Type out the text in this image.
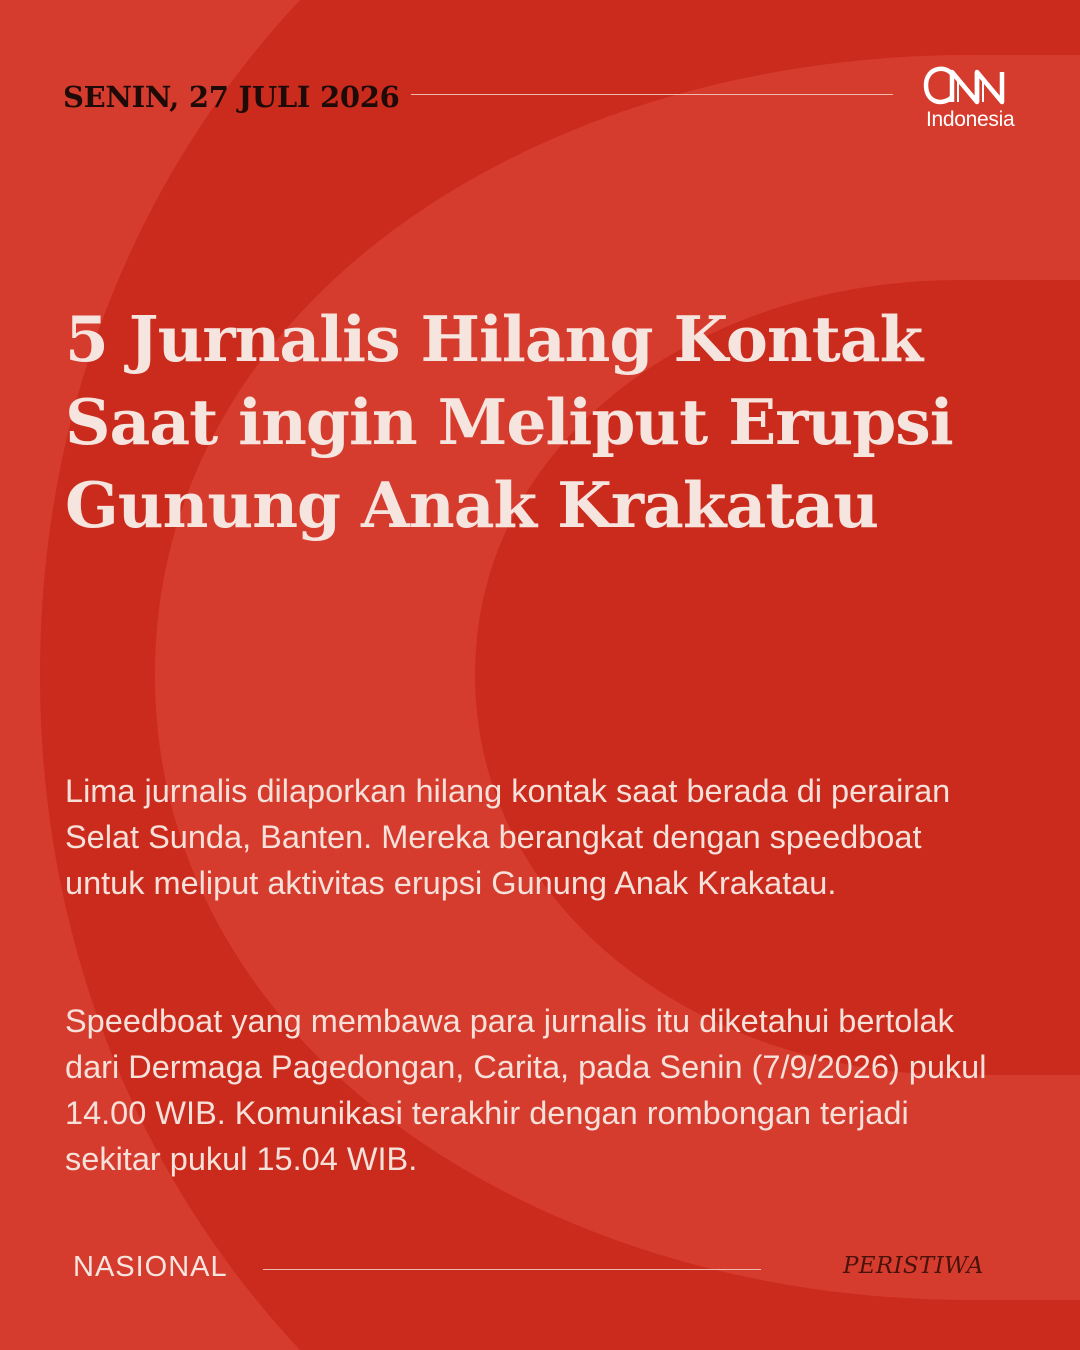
SENIN, 27 JULI 2026
Indonesia
5 Jurnalis Hilang Kontak
Saat ingin Meliput Erupsi
Gunung Anak Krakatau

Lima jurnalis dilaporkan hilang kontak saat berada di perairan Selat Sunda, Banten. Mereka berangkat dengan speedboat untuk meliput aktivitas erupsi Gunung Anak Krakatau.

Speedboat yang membawa para jurnalis itu diketahui bertolak dari Dermaga Pagedongan, Carita, pada Senin (7/9/2026) pukul 14.00 WIB. Komunikasi terakhir dengan rombongan terjadi sekitar pukul 15.04 WIB.

NASIONAL	PERISTIWA
